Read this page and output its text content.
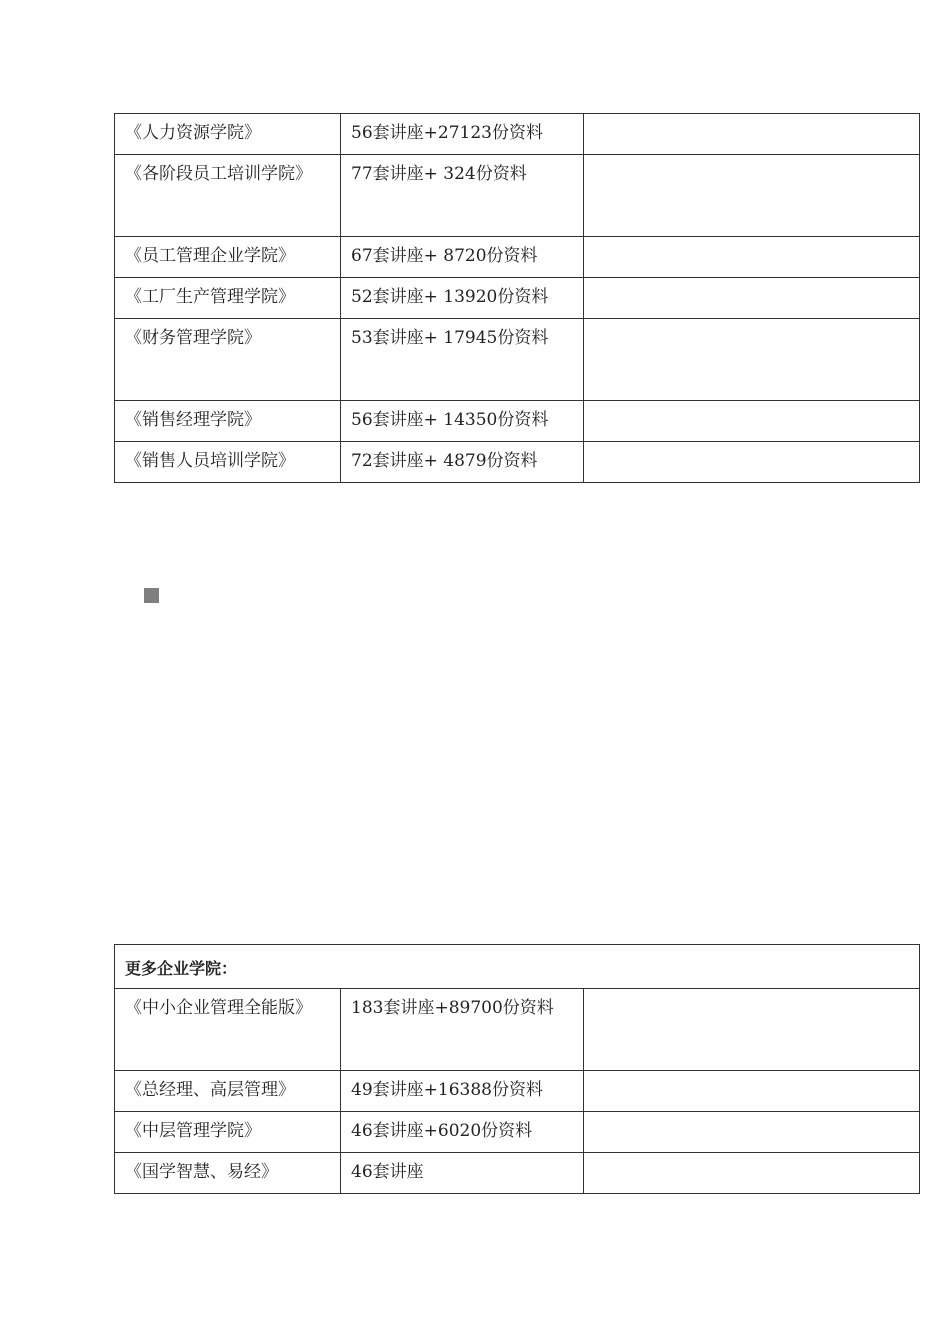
《人力资源学院》	56套讲座+27123份资料	

《各阶段员工培训学院》	77套讲座+ 324份资料	

《员工管理企业学院》	67套讲座+ 8720份资料	

《工厂生产管理学院》	52套讲座+ 13920份资料	

《财务管理学院》	53套讲座+ 17945份资料	

《销售经理学院》	56套讲座+ 14350份资料	

《销售人员培训学院》	72套讲座+ 4879份资料	

更多企业学院：		

《中小企业管理全能版》	183套讲座+89700份资料	

《总经理、高层管理》	49套讲座+16388份资料	

《中层管理学院》	46套讲座+6020份资料	

《国学智慧、易经》	46套讲座	
